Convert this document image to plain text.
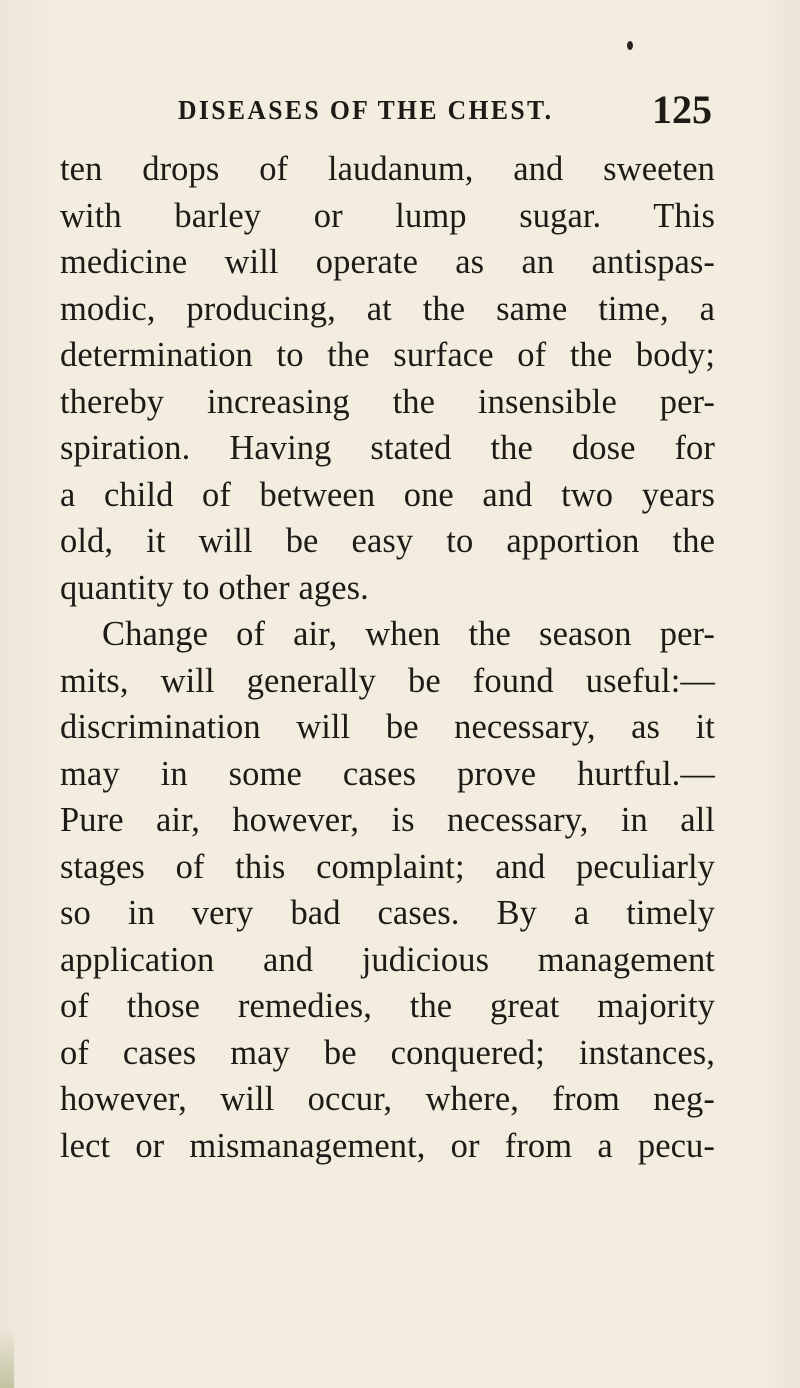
DISEASES OF THE CHEST. 125
ten drops of laudanum, and sweeten
with barley or lump sugar. This
medicine will operate as an antispas-
modic, producing, at the same time, a
determination to the surface of the body;
thereby increasing the insensible per-
spiration. Having stated the dose for
a child of between one and two years
old, it will be easy to apportion the
quantity to other ages.
Change of air, when the season per-
mits, will generally be found useful:—
discrimination will be necessary, as it
may in some cases prove hurtful.—
Pure air, however, is necessary, in all
stages of this complaint; and peculiarly
so in very bad cases. By a timely
application and judicious management
of those remedies, the great majority
of cases may be conquered; instances,
however, will occur, where, from neg-
lect or mismanagement, or from a pecu-
